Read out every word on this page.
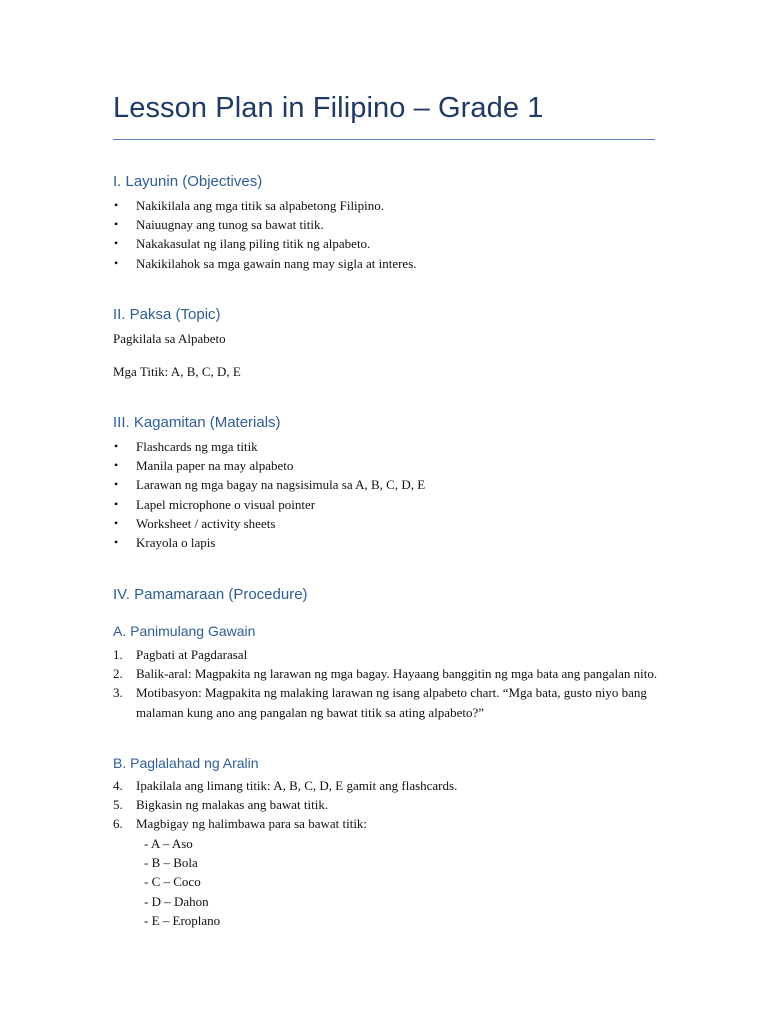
Lesson Plan in Filipino – Grade 1
I. Layunin (Objectives)
• Nakikilala ang mga titik sa alpabetong Filipino.
• Naiuugnay ang tunog sa bawat titik.
• Nakakasulat ng ilang piling titik ng alpabeto.
• Nakikilahok sa mga gawain nang may sigla at interes.
II. Paksa (Topic)

Pagkilala sa Alpabeto

Mga Titik: A, B, C, D, E

III. Kagamitan (Materials)
• Flashcards ng mga titik
• Manila paper na may alpabeto
• Larawan ng mga bagay na nagsisimula sa A, B, C, D, E
• Lapel microphone o visual pointer
• Worksheet / activity sheets
• Krayola o lapis
IV. Pamamaraan (Procedure)
A. Panimulang Gawain
1.	Pagbati at Pagdarasal
2.	Balik-aral: Magpakita ng larawan ng mga bagay. Hayaang banggitin ng mga bata ang pangalan nito.
3.	Motibasyon: Magpakita ng malaking larawan ng isang alpabeto chart. “Mga bata, gusto niyo bang malaman kung ano ang pangalan ng bawat titik sa ating alpabeto?”
B. Paglalahad ng Aralin
4.	Ipakilala ang limang titik: A, B, C, D, E gamit ang flashcards.
5.	Bigkasin ng malakas ang bawat titik.
6.	Magbigay ng halimbawa para sa bawat titik:
- A – Aso
- B – Bola
- C – Coco
- D – Dahon
- E – Eroplano
